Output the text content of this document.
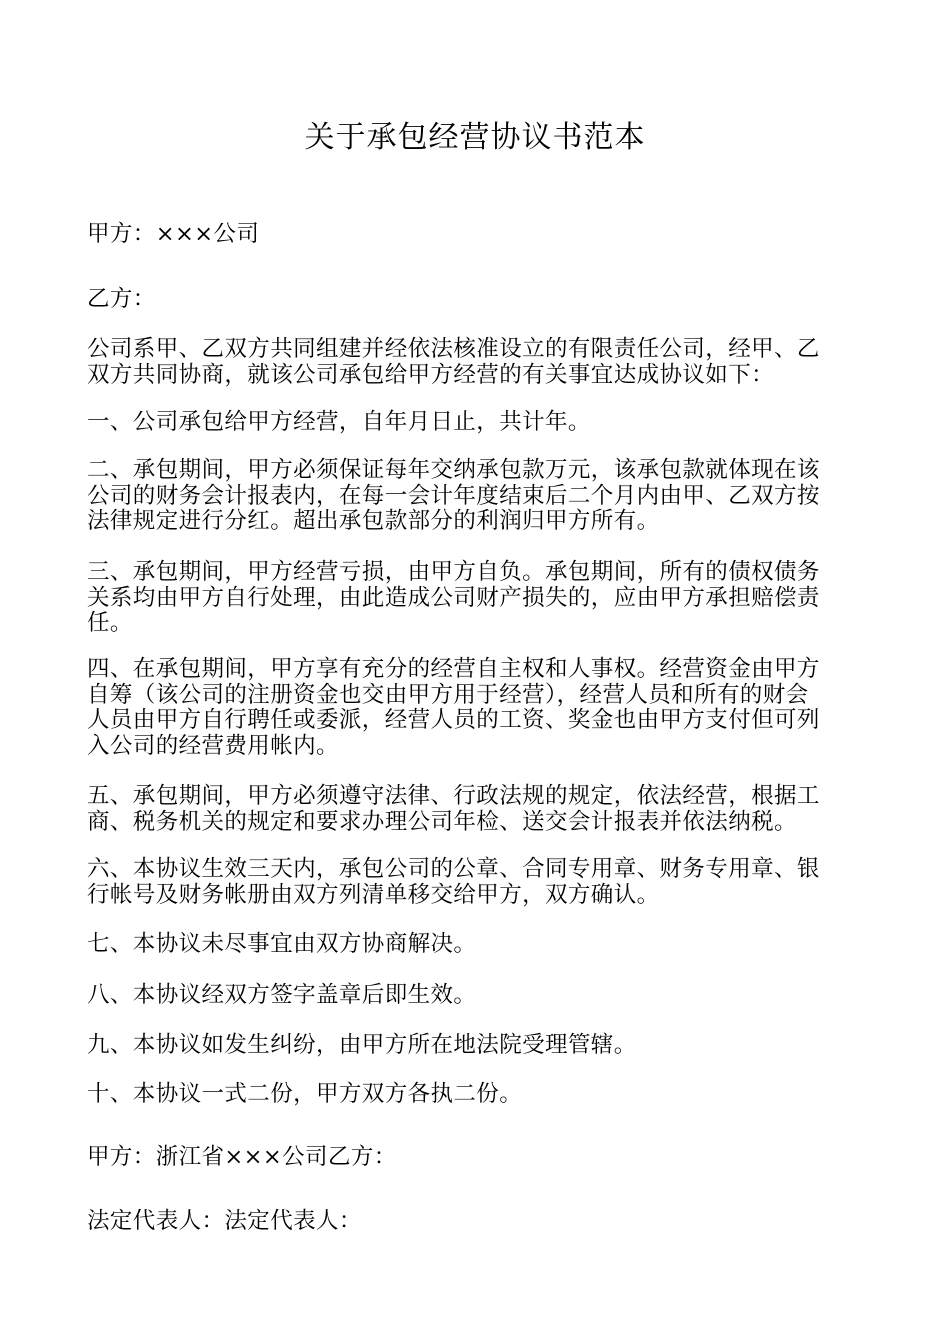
关于承包经营协议书范本
甲方：×××公司
乙方：
公司系甲、乙双方共同组建并经依法核准设立的有限责任公司，经甲、乙
双方共同协商，就该公司承包给甲方经营的有关事宜达成协议如下：
一、公司承包给甲方经营，自年月日止，共计年。
二、承包期间，甲方必须保证每年交纳承包款万元，该承包款就体现在该
公司的财务会计报表内，在每一会计年度结束后二个月内由甲、乙双方按
法律规定进行分红。超出承包款部分的利润归甲方所有。
三、承包期间，甲方经营亏损，由甲方自负。承包期间，所有的债权债务
关系均由甲方自行处理，由此造成公司财产损失的，应由甲方承担赔偿责
任。
四、在承包期间，甲方享有充分的经营自主权和人事权。经营资金由甲方
自筹（该公司的注册资金也交由甲方用于经营），经营人员和所有的财会
人员由甲方自行聘任或委派，经营人员的工资、奖金也由甲方支付但可列
入公司的经营费用帐内。
五、承包期间，甲方必须遵守法律、行政法规的规定，依法经营，根据工
商、税务机关的规定和要求办理公司年检、送交会计报表并依法纳税。
六、本协议生效三天内，承包公司的公章、合同专用章、财务专用章、银
行帐号及财务帐册由双方列清单移交给甲方，双方确认。
七、本协议未尽事宜由双方协商解决。
八、本协议经双方签字盖章后即生效。
九、本协议如发生纠纷，由甲方所在地法院受理管辖。
十、本协议一式二份，甲方双方各执二份。
甲方：浙江省×××公司乙方：
法定代表人：法定代表人：
